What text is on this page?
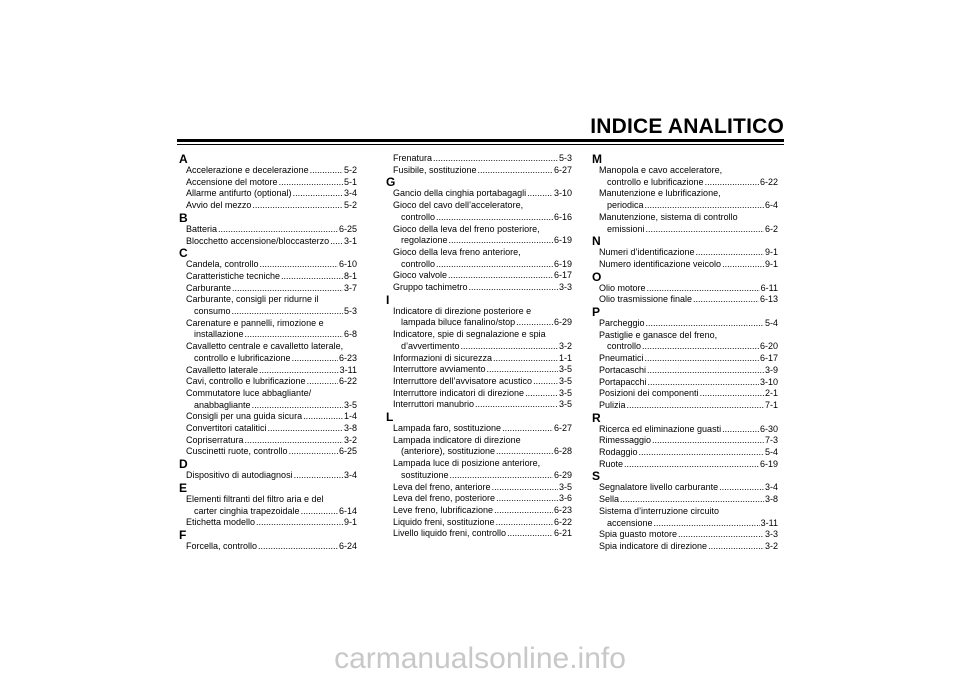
INDICE ANALITICO
A
Accelerazione e decelerazione .....	5-2
Accensione del motore .....	5-1
Allarme antifurto (optional) .....	3-4
Avvio del mezzo .....	5-2
B
Batteria .....	6-25
Blocchetto accensione/bloccasterzo ..... 3-1
C
Candela, controllo .....	6-10
Caratteristiche tecniche .....	8-1
Carburante .....	3-7
Carburante, consigli per ridurne il
consumo .....	5-3
Carenature e pannelli, rimozione e
installazione .....	6-8
Cavalletto centrale e cavalletto laterale,
controllo e lubrificazione .....	6-23
Cavalletto laterale .....	3-11
Cavi, controllo e lubrificazione .....	6-22
Commutatore luce abbagliante/
anabbagliante .....	3-5
Consigli per una guida sicura .....	1-4
Convertitori catalitici .....	3-8
Copriserratura .....	3-2
Cuscinetti ruote, controllo .....	6-25
D
Dispositivo di autodiagnosi .....	3-4
E
Elementi filtranti del filtro aria e del
carter cinghia trapezoidale .....	6-14
Etichetta modello .....	9-1
F
Forcella, controllo .....	6-24
Frenatura .....	5-3
Fusibile, sostituzione .....	6-27
G
Gancio della cinghia portabagagli .....	3-10
Gioco del cavo dell’acceleratore,
controllo .....	6-16
Gioco della leva del freno posteriore,
regolazione .....	6-19
Gioco della leva freno anteriore,
controllo .....	6-19
Gioco valvole .....	6-17
Gruppo tachimetro .....	3-3
I
Indicatore di direzione posteriore e
lampada biluce fanalino/stop .....	6-29
Indicatore, spie di segnalazione e spia
d’avvertimento .....	3-2
Informazioni di sicurezza .....	1-1
Interruttore avviamento .....	3-5
Interruttore dell’avvisatore acustico .....	3-5
Interruttore indicatori di direzione .....	3-5
Interruttori manubrio .....	3-5
L
Lampada faro, sostituzione .....	6-27
Lampada indicatore di direzione
(anteriore), sostituzione .....	6-28
Lampada luce di posizione anteriore,
sostituzione .....	6-29
Leva del freno, anteriore .....	3-5
Leva del freno, posteriore .....	3-6
Leve freno, lubrificazione .....	6-23
Liquido freni, sostituzione .....	6-22
Livello liquido freni, controllo .....	6-21
M
Manopola e cavo acceleratore,
controllo e lubrificazione .....	6-22
Manutenzione e lubrificazione,
periodica .....	6-4
Manutenzione, sistema di controllo
emissioni .....	6-2
N
Numeri d’identificazione .....	9-1
Numero identificazione veicolo .....	9-1
O
Olio motore .....	6-11
Olio trasmissione finale .....	6-13
P
Parcheggio .....	5-4
Pastiglie e ganasce del freno,
controllo .....	6-20
Pneumatici .....	6-17
Portacaschi .....	3-9
Portapacchi .....	3-10
Posizioni dei componenti .....	2-1
Pulizia .....	7-1
R
Ricerca ed eliminazione guasti .....	6-30
Rimessaggio .....	7-3
Rodaggio .....	5-4
Ruote .....	6-19
S
Segnalatore livello carburante .....	3-4
Sella .....	3-8
Sistema d’interruzione circuito
accensione .....	3-11
Spia guasto motore .....	3-3
Spia indicatore di direzione .....	3-2
carmanualsonline.info
